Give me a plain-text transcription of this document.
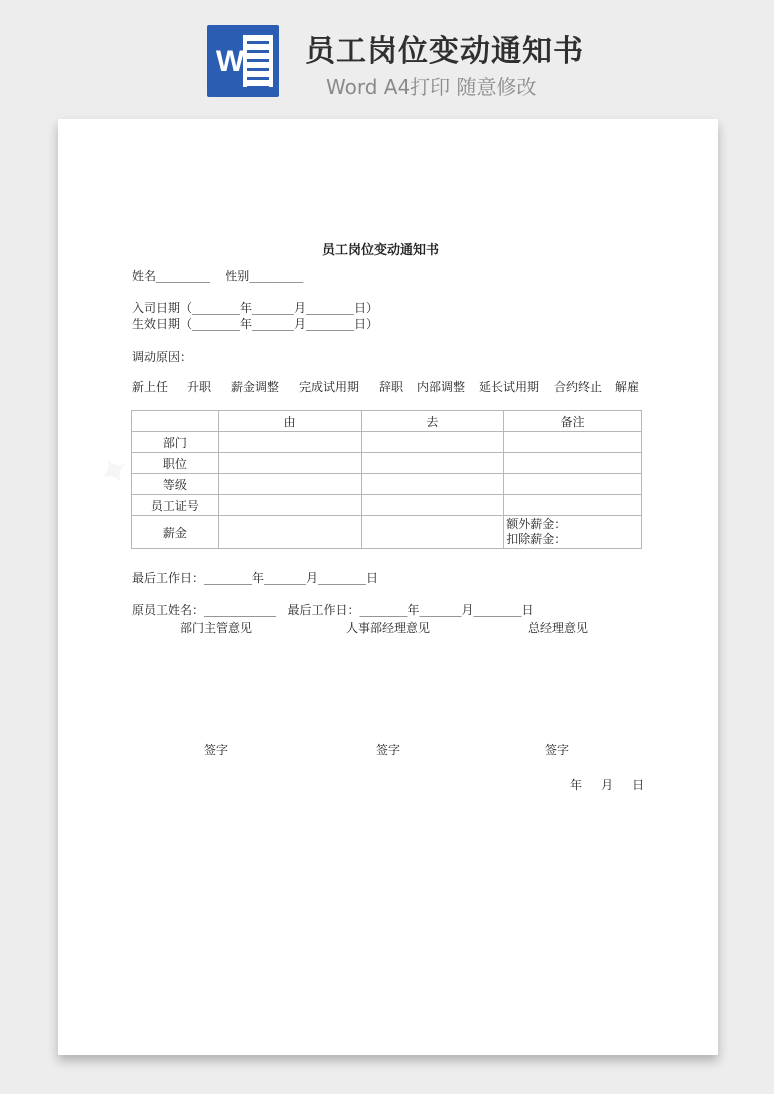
W 员工岗位变动通知书
Word A4打印 随意修改
员工岗位变动通知书
姓名_________    性别_________
入司日期（________年_______月________日）
生效日期（________年_______月________日）
调动原因：
新上任 升职 薪金调整 完成试用期 辞职 内部调整 延长试用期 合约终止 解雇
	由	去	备注
部门			
职位			
等级			
员工证号			
薪金			额外薪金：
扣除薪金：
最后工作日：________年_______月________日
原员工姓名：____________   最后工作日：________年_______月________日
部门主管意见	人事部经理意见	总经理意见
签字	签字	签字
年     月     日
